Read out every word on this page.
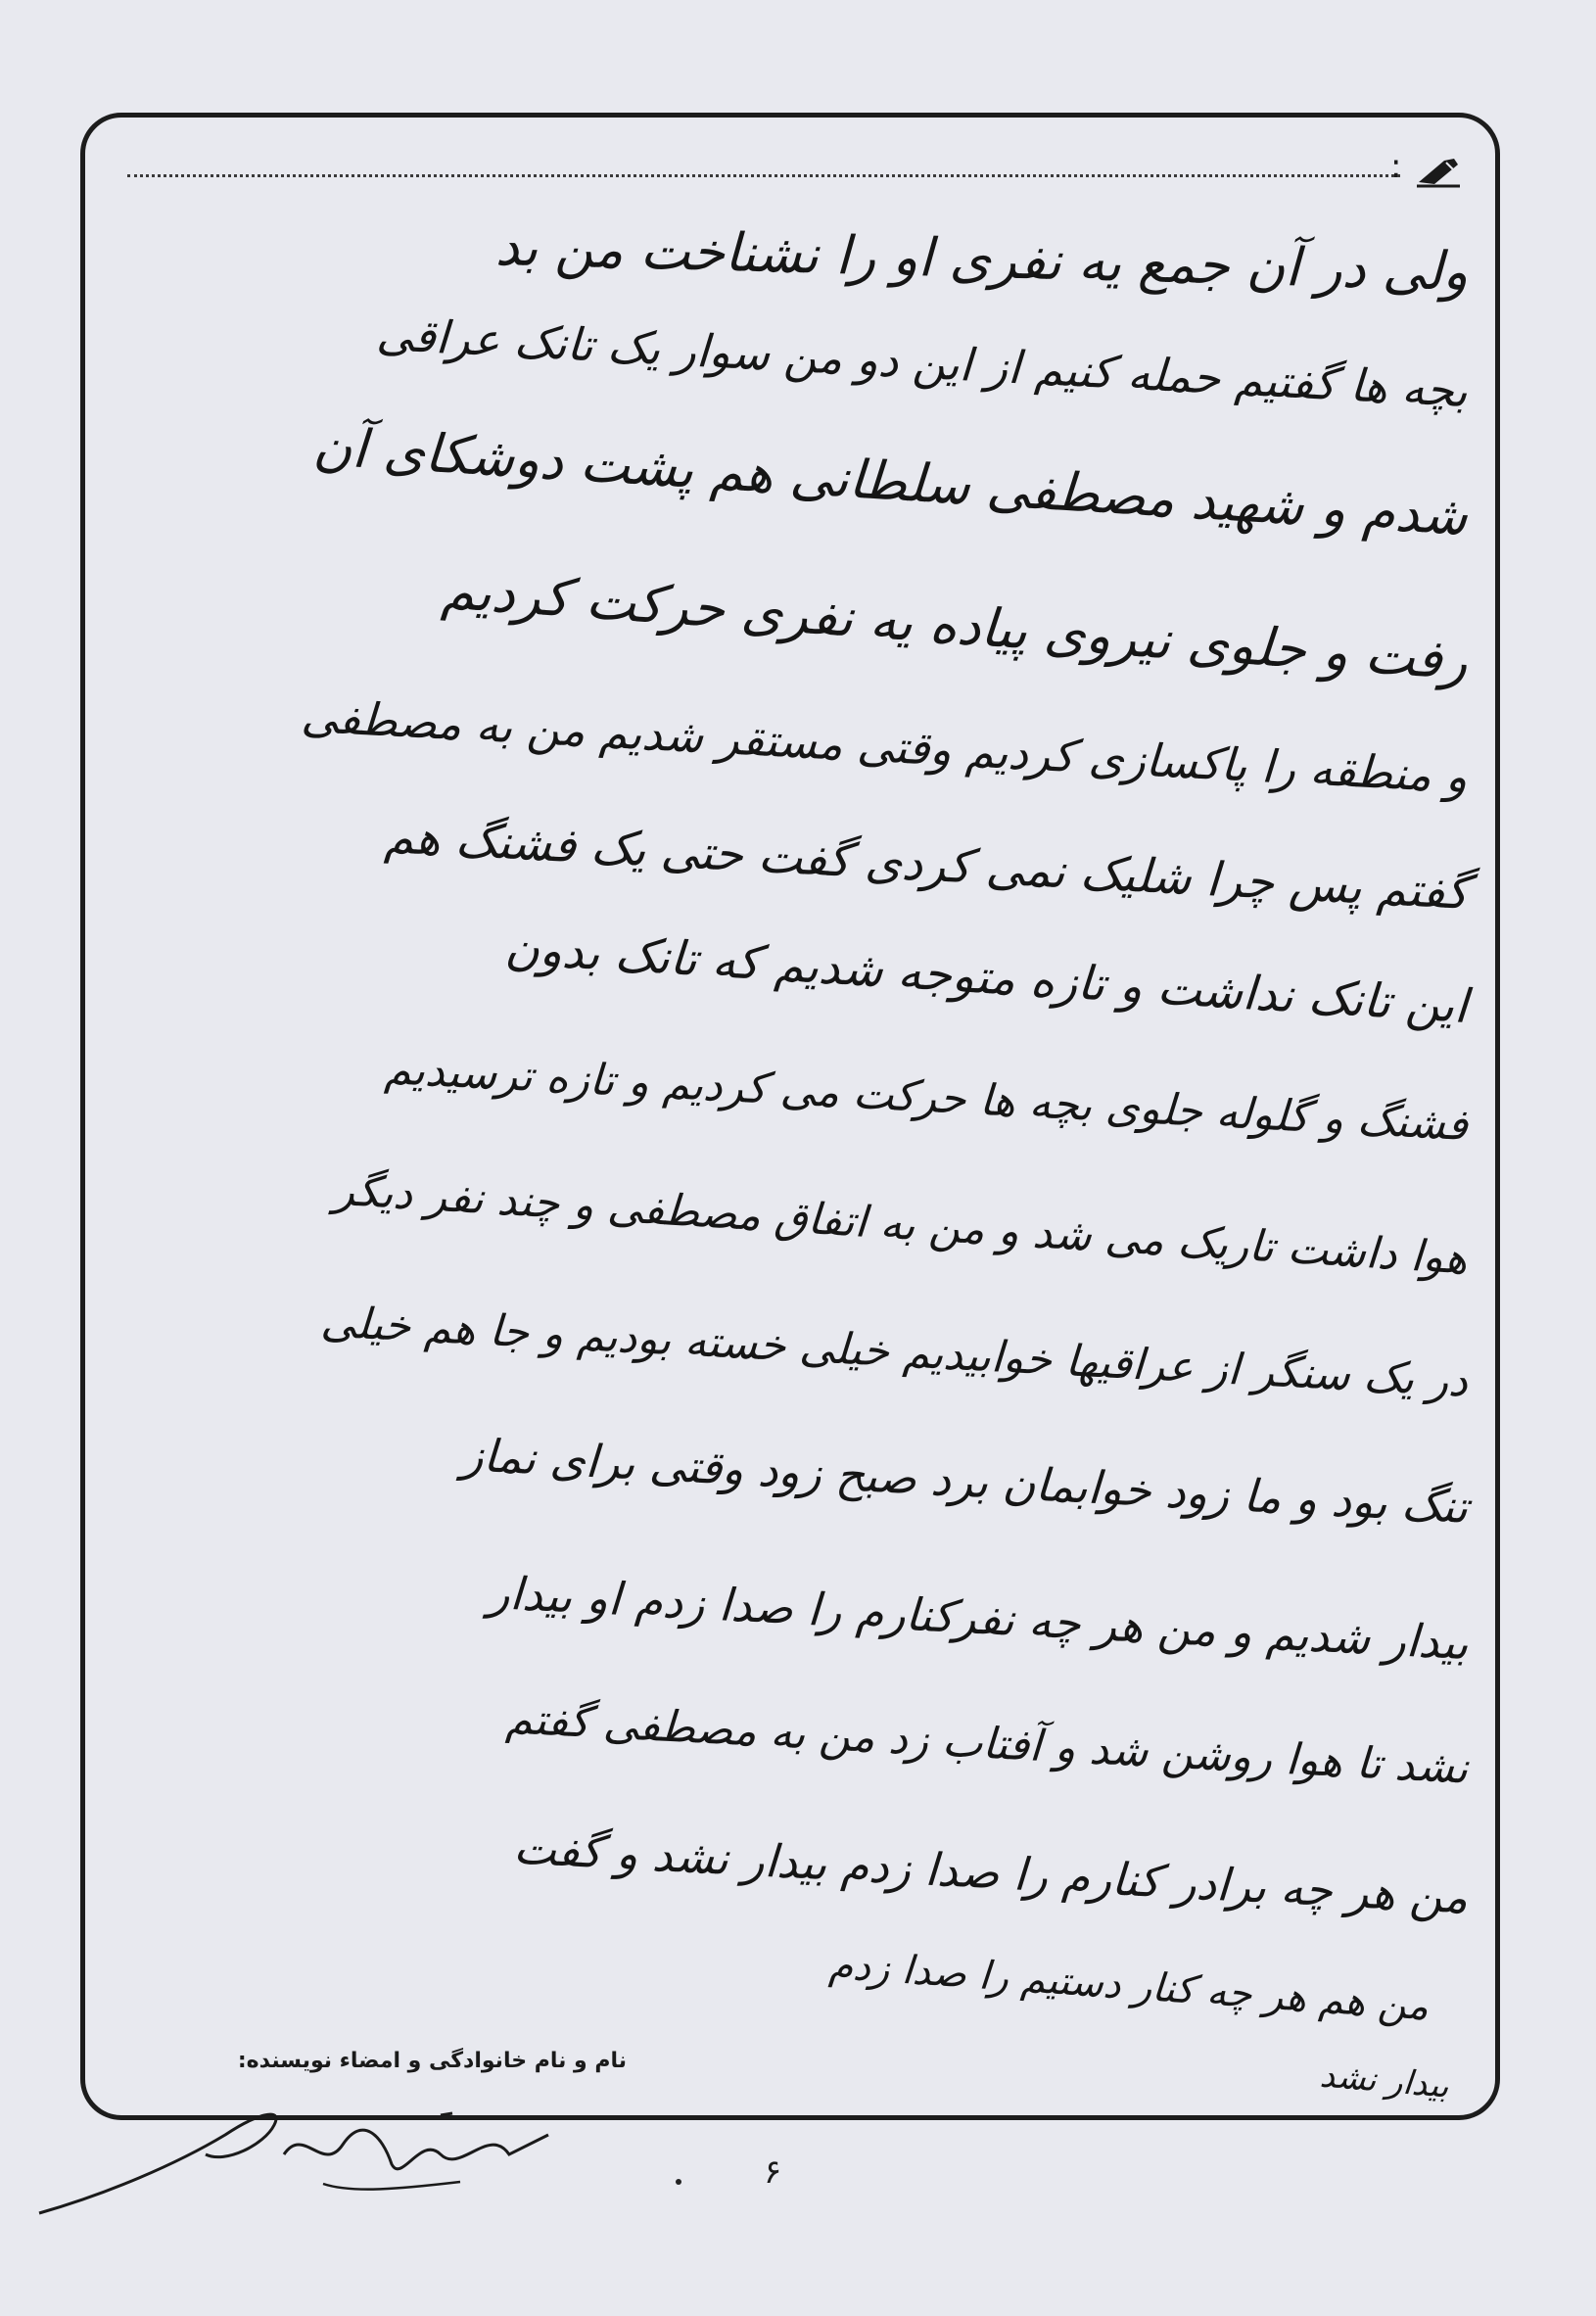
:
ولی در آن جمع یه نفری او را نشناخت من بد
بچه ها گفتیم حمله کنیم از این دو من سوار یک تانک عراقی
شدم و شهید مصطفی سلطانی هم پشت دوشکای آن
رفت و جلوی نیروی پیاده یه نفری حرکت کردیم
و منطقه را پاکسازی کردیم وقتی مستقر شدیم من به مصطفی
گفتم پس چرا شلیک نمی کردی گفت حتی یک فشنگ هم
این تانک نداشت و تازه متوجه شدیم که تانک بدون
فشنگ و گلوله جلوی بچه ها حرکت می کردیم و تازه ترسیدیم
هوا داشت تاریک می شد و من به اتفاق مصطفی و چند نفر دیگر
در یک سنگر از عراقیها خوابیدیم خیلی خسته بودیم و جا هم خیلی
تنگ بود و ما زود خوابمان برد صبح زود وقتی برای نماز
بیدار شدیم و من هر چه نفرکنارم را صدا زدم او بیدار
نشد تا هوا روشن شد و آفتاب زد من به مصطفی گفتم
من هر چه برادر کنارم را صدا زدم بیدار نشد و گفت
من هم هر چه کنار دستیم را صدا زدم
بیدار نشد
نام و نام خانوادگی و امضاء نویسنده:
۶
